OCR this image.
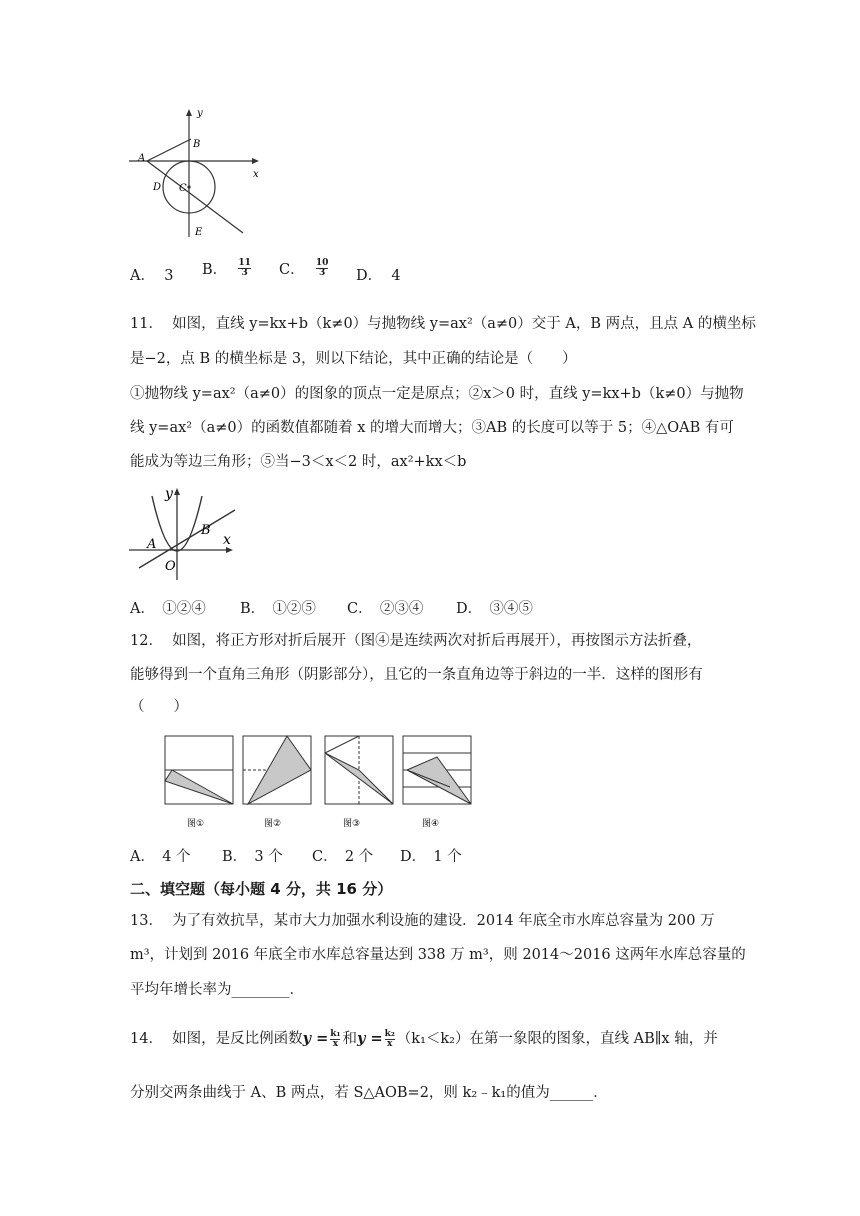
y
x
A
B
C
D
E
A． 3 B． $\frac{11}{3}$ C． $\frac{10}{3}$ D． 4
11． 如图，直线 y=kx+b（k≠0）与抛物线 y=ax²（a≠0）交于 A，B 两点，且点 A 的横坐标
是−2，点 B 的横坐标是 3，则以下结论，其中正确的结论是（　　）
①抛物线 y=ax²（a≠0）的图象的顶点一定是原点；②x＞0 时，直线 y=kx+b（k≠0）与抛物
线 y=ax²（a≠0）的函数值都随着 x 的增大而增大；③AB 的长度可以等于 5；④△OAB 有可
能成为等边三角形；⑤当−3＜x＜2 时，ax²+kx＜b
y
x
A
B
O
A．　①②④ B．　①②⑤ C．　②③④ D．　③④⑤
12． 如图，将正方形对折后展开（图④是连续两次对折后再展开），再按图示方法折叠，
能够得到一个直角三角形（阴影部分），且它的一条直角边等于斜边的一半．这样的图形有
（　　）
图①	图②	图③	图④
A．　4 个 B．　3 个 C．　2 个 D．　1 个
二、填空题（每小题 4 分，共 16 分）
13． 为了有效抗旱，某市大力加强水利设施的建设．2014 年底全市水库总容量为 200 万
m³，计划到 2016 年底全市水库总容量达到 338 万 m³，则 2014～2016 这两年水库总容量的
平均年增长率为________．
14． 如图，是反比例函数$y = \frac{\text{k₁}}{x}$ 和$y = \frac{\text{k₂}}{x} (k_1<k_2)$在第一象限的图象，直线 AB∥x 轴，并
分别交两条曲线于 A、B 两点，若 S△AOB=2，则 k₂﹣k₁的值为______．
